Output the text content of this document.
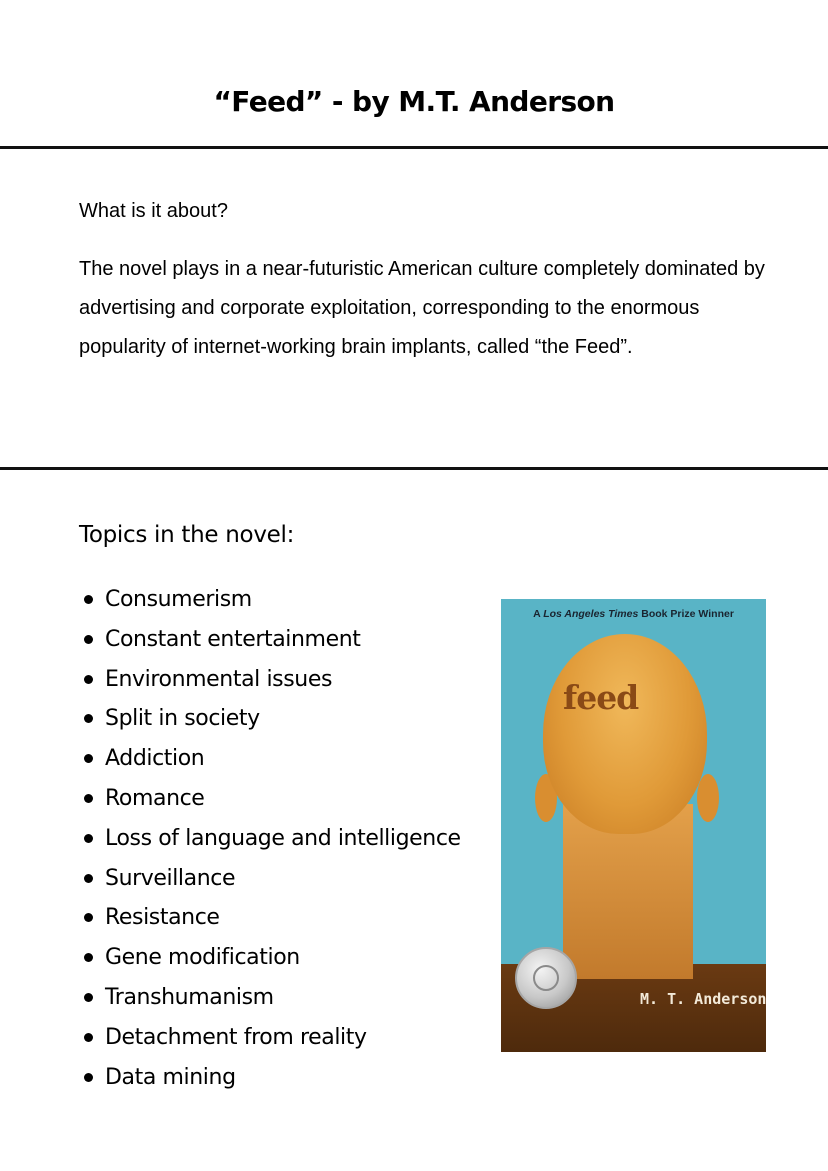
“Feed” - by M.T. Anderson
What is it about?
The novel plays in a near-futuristic American culture completely dominated by advertising and corporate exploitation, corresponding to the enormous popularity of internet-working brain implants, called “the Feed”.
Topics in the novel:
Consumerism
Constant entertainment
Environmental issues
Split in society
Addiction
Romance
Loss of language and intelligence
Surveillance
Resistance
Gene modification
Transhumanism
Detachment from reality
Data mining
A Los Angeles Times Book Prize Winner
feed
M. T. Anderson
